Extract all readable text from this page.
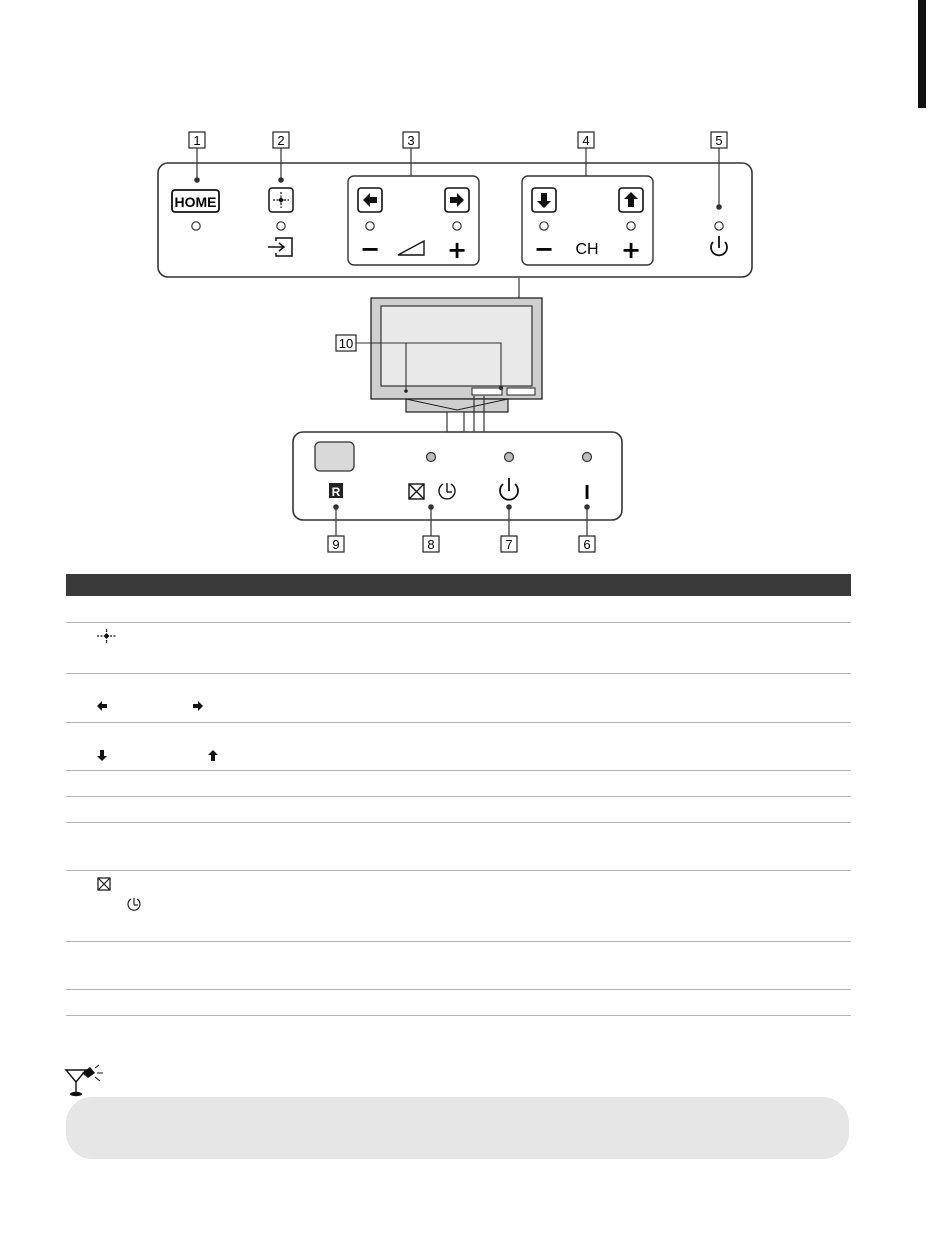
1	2	3	4	5
HOME
−	+	− CH +
10
R	I
9	8	7	6
